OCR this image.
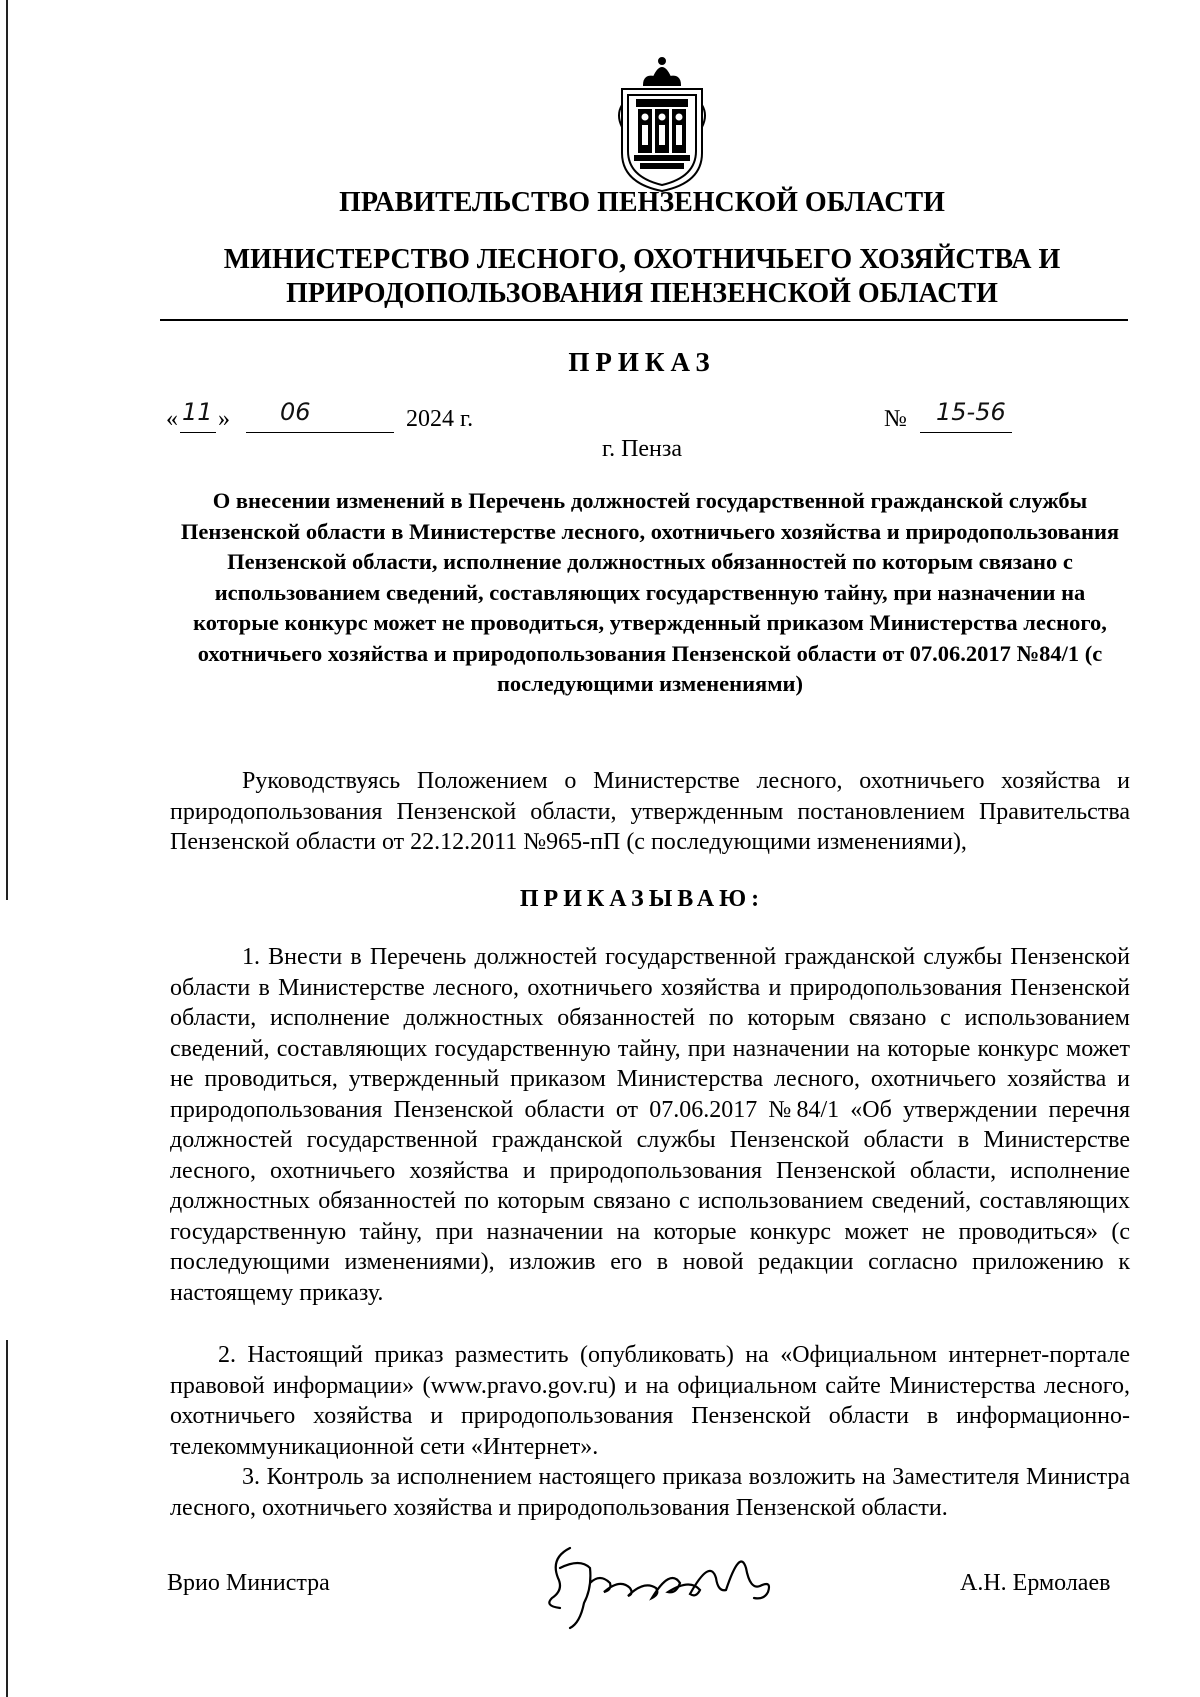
ПРАВИТЕЛЬСТВО ПЕНЗЕНСКОЙ ОБЛАСТИ
МИНИСТЕРСТВО ЛЕСНОГО, ОХОТНИЧЬЕГО ХОЗЯЙСТВА И
ПРИРОДОПОЛЬЗОВАНИЯ ПЕНЗЕНСКОЙ ОБЛАСТИ
ПРИКАЗ
« 11 » 06	2024 г.	№ 15-56
г. Пенза
О внесении изменений в Перечень должностей государственной гражданской службы Пензенской области в Министерстве лесного, охотничьего хозяйства и природопользования Пензенской области, исполнение должностных обязанностей по которым связано с использованием сведений, составляющих государственную тайну, при назначении на которые конкурс может не проводиться, утвержденный приказом Министерства лесного, охотничьего хозяйства и природопользования Пензенской области от 07.06.2017 №84/1 (с последующими изменениями)
Руководствуясь Положением о Министерстве лесного, охотничьего хозяйства и природопользования Пензенской области, утвержденным постановлением Правительства Пензенской области от 22.12.2011 №965-пП (с последующими изменениями),
ПРИКАЗЫВАЮ:
1. Внести в Перечень должностей государственной гражданской службы Пензенской области в Министерстве лесного, охотничьего хозяйства и природопользования Пензенской области, исполнение должностных обязанностей по которым связано с использованием сведений, составляющих государственную тайну, при назначении на которые конкурс может не проводиться, утвержденный приказом Министерства лесного, охотничьего хозяйства и природопользования Пензенской области от 07.06.2017 №84/1 «Об утверждении перечня должностей государственной гражданской службы Пензенской области в Министерстве лесного, охотничьего хозяйства и природопользования Пензенской области, исполнение должностных обязанностей по которым связано с использованием сведений, составляющих государственную тайну, при назначении на которые конкурс может не проводиться» (с последующими изменениями), изложив его в новой редакции согласно приложению к настоящему приказу.
2. Настоящий приказ разместить (опубликовать) на «Официальном интернет-портале правовой информации» (www.pravo.gov.ru) и на официальном сайте Министерства лесного, охотничьего хозяйства и природопользования Пензенской области в информационно-телекоммуникационной сети «Интернет».
3. Контроль за исполнением настоящего приказа возложить на Заместителя Министра лесного, охотничьего хозяйства и природопользования Пензенской области.
Врио Министра	А.Н. Ермолаев
